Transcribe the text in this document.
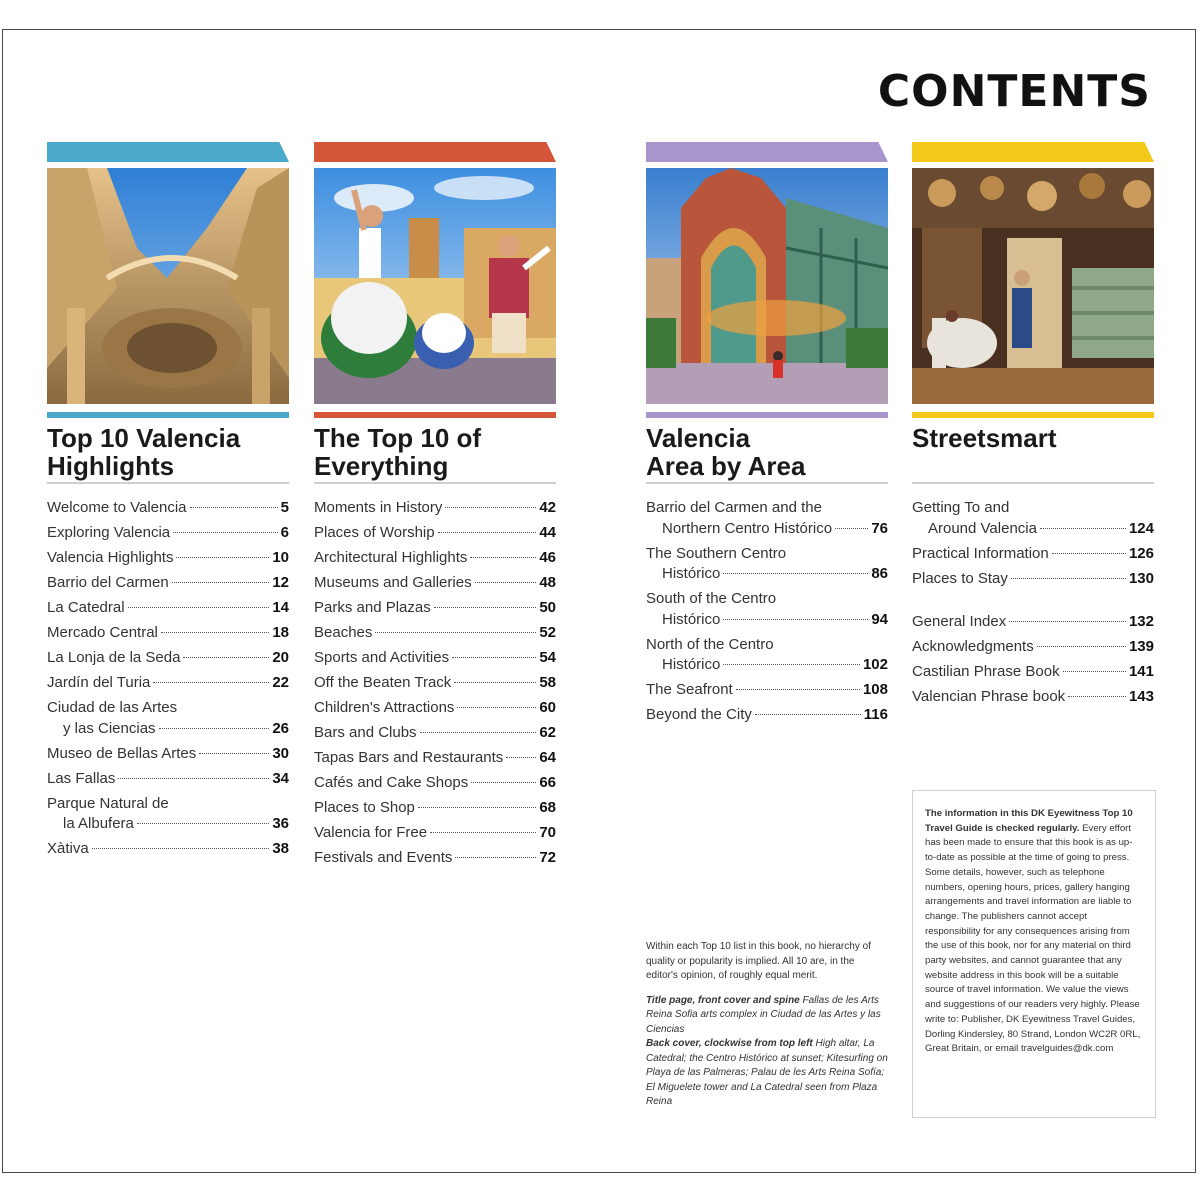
CONTENTS
Top 10 Valencia
Highlights
Welcome to Valencia	5
Exploring Valencia	6
Valencia Highlights	10
Barrio del Carmen	12
La Catedral	14
Mercado Central	18
La Lonja de la Seda	20
Jardín del Turia	22
Ciudad de las Artes
y las Ciencias	26
Museo de Bellas Artes	30
Las Fallas	34
Parque Natural de
la Albufera	36
Xàtiva	38
The Top 10 of
Everything
Moments in History	42
Places of Worship	44
Architectural Highlights	46
Museums and Galleries	48
Parks and Plazas	50
Beaches	52
Sports and Activities	54
Off the Beaten Track	58
Children's Attractions	60
Bars and Clubs	62
Tapas Bars and Restaurants 64
Cafés and Cake Shops	66
Places to Shop	68
Valencia for Free	70
Festivals and Events	72
Valencia
Area by Area
Barrio del Carmen and the
Northern Centro Histórico	76
The Southern Centro
Histórico	86
South of the Centro
Histórico	94
North of the Centro
Histórico	102
The Seafront	108
Beyond the City	116
Streetsmart
Getting To and
Around Valencia	124
Practical Information	126
Places to Stay	130
General Index	132
Acknowledgments	139
Castilian Phrase Book	141
Valencian Phrase book	143

Within each Top 10 list in this book, no hierarchy of quality or popularity is implied. All 10 are, in the editor's opinion, of roughly equal merit.

Title page, front cover and spine Fallas de les Arts Reina Sofia arts complex in Ciudad de las Artes y las Ciencias

Back cover, clockwise from top left High altar, La Catedral; the Centro Histórico at sunset; Kitesurfing on Playa de las Palmeras; Palau de les Arts Reina Sofía; El Miguelete tower and La Catedral seen from Plaza Reina

The information in this DK Eyewitness Top 10 Travel Guide is checked regularly. Every effort has been made to ensure that this book is as up-to-date as possible at the time of going to press. Some details, however, such as telephone numbers, opening hours, prices, gallery hanging arrangements and travel information are liable to change. The publishers cannot accept responsibility for any consequences arising from the use of this book, nor for any material on third party websites, and cannot guarantee that any website address in this book will be a suitable source of travel information. We value the views and suggestions of our readers very highly. Please write to: Publisher, DK Eyewitness Travel Guides, Dorling Kindersley, 80 Strand, London WC2R 0RL, Great Britain, or email travelguides@dk.com
